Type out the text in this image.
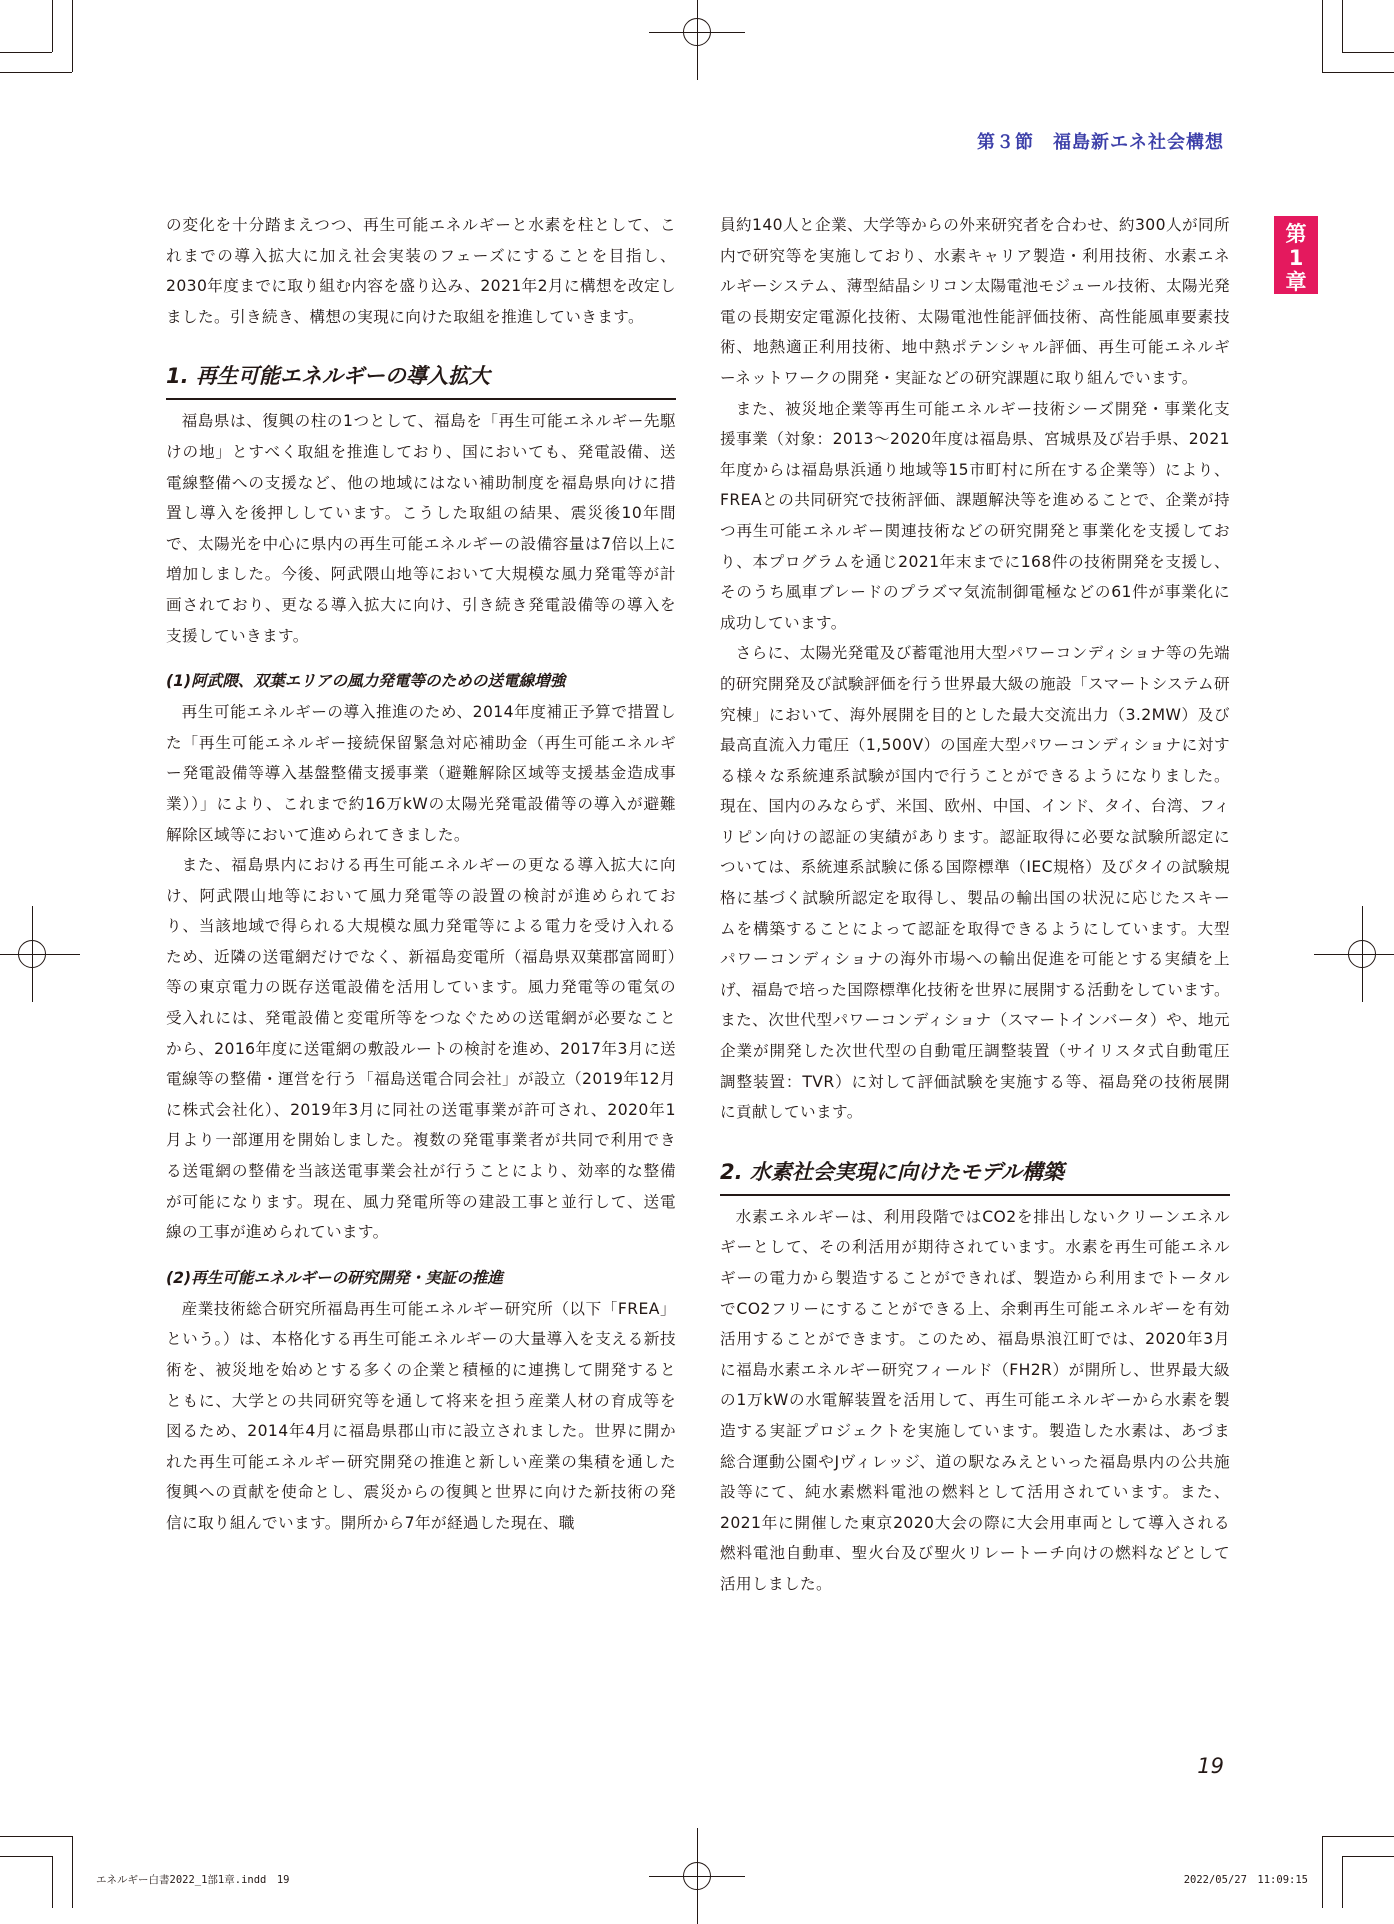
第３節　福島新エネ社会構想
第
1
章

の変化を十分踏まえつつ、再生可能エネルギーと水素を柱として、これまでの導入拡大に加え社会実装のフェーズにすることを目指し、2030年度までに取り組む内容を盛り込み、2021年2月に構想を改定しました。引き続き、構想の実現に向けた取組を推進していきます。

1. 再生可能エネルギーの導入拡大

福島県は、復興の柱の1つとして、福島を「再生可能エネルギー先駆けの地」とすべく取組を推進しており、国においても、発電設備、送電線整備への支援など、他の地域にはない補助制度を福島県向けに措置し導入を後押ししています。こうした取組の結果、震災後10年間で、太陽光を中心に県内の再生可能エネルギーの設備容量は7倍以上に増加しました。今後、阿武隈山地等において大規模な風力発電等が計画されており、更なる導入拡大に向け、引き続き発電設備等の導入を支援していきます。

(1)阿武隈、双葉エリアの風力発電等のための送電線増強

再生可能エネルギーの導入推進のため、2014年度補正予算で措置した「再生可能エネルギー接続保留緊急対応補助金（再生可能エネルギー発電設備等導入基盤整備支援事業（避難解除区域等支援基金造成事業））」により、これまで約16万kWの太陽光発電設備等の導入が避難解除区域等において進められてきました。

また、福島県内における再生可能エネルギーの更なる導入拡大に向け、阿武隈山地等において風力発電等の設置の検討が進められており、当該地域で得られる大規模な風力発電等による電力を受け入れるため、近隣の送電網だけでなく、新福島変電所（福島県双葉郡富岡町）等の東京電力の既存送電設備を活用しています。風力発電等の電気の受入れには、発電設備と変電所等をつなぐための送電網が必要なことから、2016年度に送電網の敷設ルートの検討を進め、2017年3月に送電線等の整備・運営を行う「福島送電合同会社」が設立（2019年12月に株式会社化）、2019年3月に同社の送電事業が許可され、2020年1月より一部運用を開始しました。複数の発電事業者が共同で利用できる送電網の整備を当該送電事業会社が行うことにより、効率的な整備が可能になります。現在、風力発電所等の建設工事と並行して、送電線の工事が進められています。

(2)再生可能エネルギーの研究開発・実証の推進

産業技術総合研究所福島再生可能エネルギー研究所（以下「FREA」という。）は、本格化する再生可能エネルギーの大量導入を支える新技術を、被災地を始めとする多くの企業と積極的に連携して開発するとともに、大学との共同研究等を通して将来を担う産業人材の育成等を図るため、2014年4月に福島県郡山市に設立されました。世界に開かれた再生可能エネルギー研究開発の推進と新しい産業の集積を通した復興への貢献を使命とし、震災からの復興と世界に向けた新技術の発信に取り組んでいます。開所から7年が経過した現在、職

員約140人と企業、大学等からの外来研究者を合わせ、約300人が同所内で研究等を実施しており、水素キャリア製造・利用技術、水素エネルギーシステム、薄型結晶シリコン太陽電池モジュール技術、太陽光発電の長期安定電源化技術、太陽電池性能評価技術、高性能風車要素技術、地熱適正利用技術、地中熱ポテンシャル評価、再生可能エネルギーネットワークの開発・実証などの研究課題に取り組んでいます。

また、被災地企業等再生可能エネルギー技術シーズ開発・事業化支援事業（対象：2013〜2020年度は福島県、宮城県及び岩手県、2021年度からは福島県浜通り地域等15市町村に所在する企業等）により、FREAとの共同研究で技術評価、課題解決等を進めることで、企業が持つ再生可能エネルギー関連技術などの研究開発と事業化を支援しており、本プログラムを通じ2021年末までに168件の技術開発を支援し、そのうち風車ブレードのプラズマ気流制御電極などの61件が事業化に成功しています。

さらに、太陽光発電及び蓄電池用大型パワーコンディショナ等の先端的研究開発及び試験評価を行う世界最大級の施設「スマートシステム研究棟」において、海外展開を目的とした最大交流出力（3.2MW）及び最高直流入力電圧（1,500V）の国産大型パワーコンディショナに対する様々な系統連系試験が国内で行うことができるようになりました。現在、国内のみならず、米国、欧州、中国、インド、タイ、台湾、フィリピン向けの認証の実績があります。認証取得に必要な試験所認定については、系統連系試験に係る国際標準（IEC規格）及びタイの試験規格に基づく試験所認定を取得し、製品の輸出国の状況に応じたスキームを構築することによって認証を取得できるようにしています。大型パワーコンディショナの海外市場への輸出促進を可能とする実績を上げ、福島で培った国際標準化技術を世界に展開する活動をしています。また、次世代型パワーコンディショナ（スマートインバータ）や、地元企業が開発した次世代型の自動電圧調整装置（サイリスタ式自動電圧調整装置：TVR）に対して評価試験を実施する等、福島発の技術展開に貢献しています。

2. 水素社会実現に向けたモデル構築

水素エネルギーは、利用段階ではCO2を排出しないクリーンエネルギーとして、その利活用が期待されています。水素を再生可能エネルギーの電力から製造することができれば、製造から利用までトータルでCO2フリーにすることができる上、余剰再生可能エネルギーを有効活用することができます。このため、福島県浪江町では、2020年3月に福島水素エネルギー研究フィールド（FH2R）が開所し、世界最大級の1万kWの水電解装置を活用して、再生可能エネルギーから水素を製造する実証プロジェクトを実施しています。製造した水素は、あづま総合運動公園やJヴィレッジ、道の駅なみえといった福島県内の公共施設等にて、純水素燃料電池の燃料として活用されています。また、2021年に開催した東京2020大会の際に大会用車両として導入される燃料電池自動車、聖火台及び聖火リレートーチ向けの燃料などとして活用しました。

19
エネルギー白書2022_1部1章.indd　19	2022/05/27　11:09:15
